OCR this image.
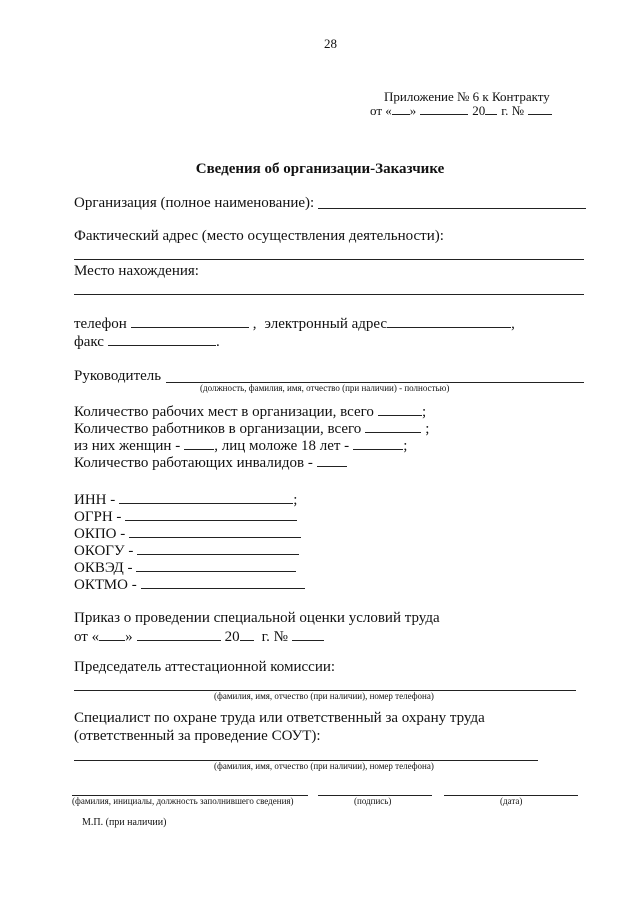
28
Приложение № 6 к Контракту
от « »	20 г. №
Сведения об организации-Заказчике
Организация (полное наименование):
Фактический адрес (место осуществления деятельности):
Место нахождения:
телефон	, электронный адрес	,
факс	.
Руководитель
(должность, фамилия, имя, отчество (при наличии) - полностью)
Количество рабочих мест в организации, всего	;
Количество работников в организации, всего	;
из них женщин - , лиц моложе 18 лет -	;
Количество работающих инвалидов -
ИНН -	;
ОГРН -
ОКПО -
ОКОГУ -
ОКВЭД -
ОКТМО -
Приказ о проведении специальной оценки условий труда
от « »	20 г. №
Председатель аттестационной комиссии:
(фамилия, имя, отчество (при наличии), номер телефона)
Специалист по охране труда или ответственный за охрану труда
(ответственный за проведение СОУТ):
(фамилия, имя, отчество (при наличии), номер телефона)
(фамилия, инициалы, должность заполнившего сведения)	(подпись)	(дата)
М.П. (при наличии)
